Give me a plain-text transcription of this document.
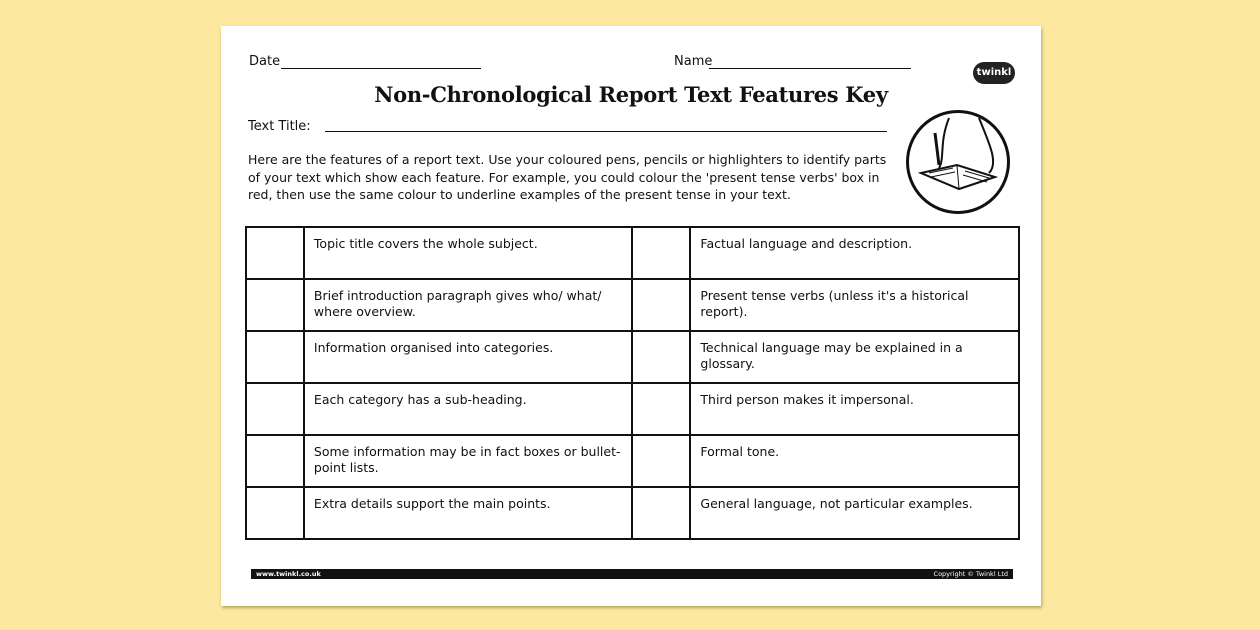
Date	Name
twinkl
Non-Chronological Report Text Features Key
Text Title:
Here are the features of a report text. Use your coloured pens, pencils or highlighters to identify parts of your text which show each feature. For example, you could colour the 'present tense verbs' box in red, then use the same colour to underline examples of the present tense in your text.
	Topic title covers the whole subject.		Factual language and description.
	Brief introduction paragraph gives who/ what/ where overview.		Present tense verbs (unless it's a historical report).
	Information organised into categories.		Technical language may be explained in a glossary.
	Each category has a sub-heading.		Third person makes it impersonal.
	Some information may be in fact boxes or bullet-point lists.		Formal tone.
	Extra details support the main points.		General language, not particular examples.
www.twinkl.co.uk	Copyright © Twinkl Ltd
